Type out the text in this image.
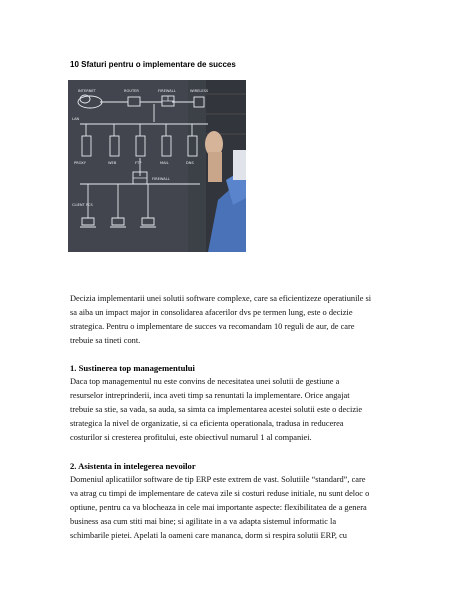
10 Sfaturi pentru o implementare de succes
INTERNET	ROUTER	FIREWALL	WIRELESS
LAN
PROXY	WEB	FTP	MAIL	DNS
FIREWALL
CLIENT PCS

Decizia implementarii unei solutii software complexe, care sa eficientizeze operatiunile si
sa aiba un impact major in consolidarea afacerilor dvs pe termen lung, este o decizie
strategica. Pentru o implementare de succes va recomandam 10 reguli de aur, de care
trebuie sa tineti cont.

1. Sustinerea top managementului

Daca top managementul nu este convins de necesitatea unei solutii de gestiune a
resurselor intreprinderii, inca aveti timp sa renuntati la implementare. Orice angajat
trebuie sa stie, sa vada, sa auda, sa simta ca implementarea acestei solutii este o decizie
strategica la nivel de organizatie, si ca eficienta operationala, tradusa in reducerea
costurilor si cresterea profitului, este obiectivul numarul 1 al companiei.

2. Asistenta in intelegerea nevoilor

Domeniul aplicatiilor software de tip ERP este extrem de vast. Solutiile “standard”, care
va atrag cu timpi de implementare de cateva zile si costuri reduse initiale, nu sunt deloc o
optiune, pentru ca va blocheaza in cele mai importante aspecte: flexibilitatea de a genera
business asa cum stiti mai bine; si agilitate in a va adapta sistemul informatic la
schimbarile pietei. Apelati la oameni care mananca, dorm si respira solutii ERP, cu
